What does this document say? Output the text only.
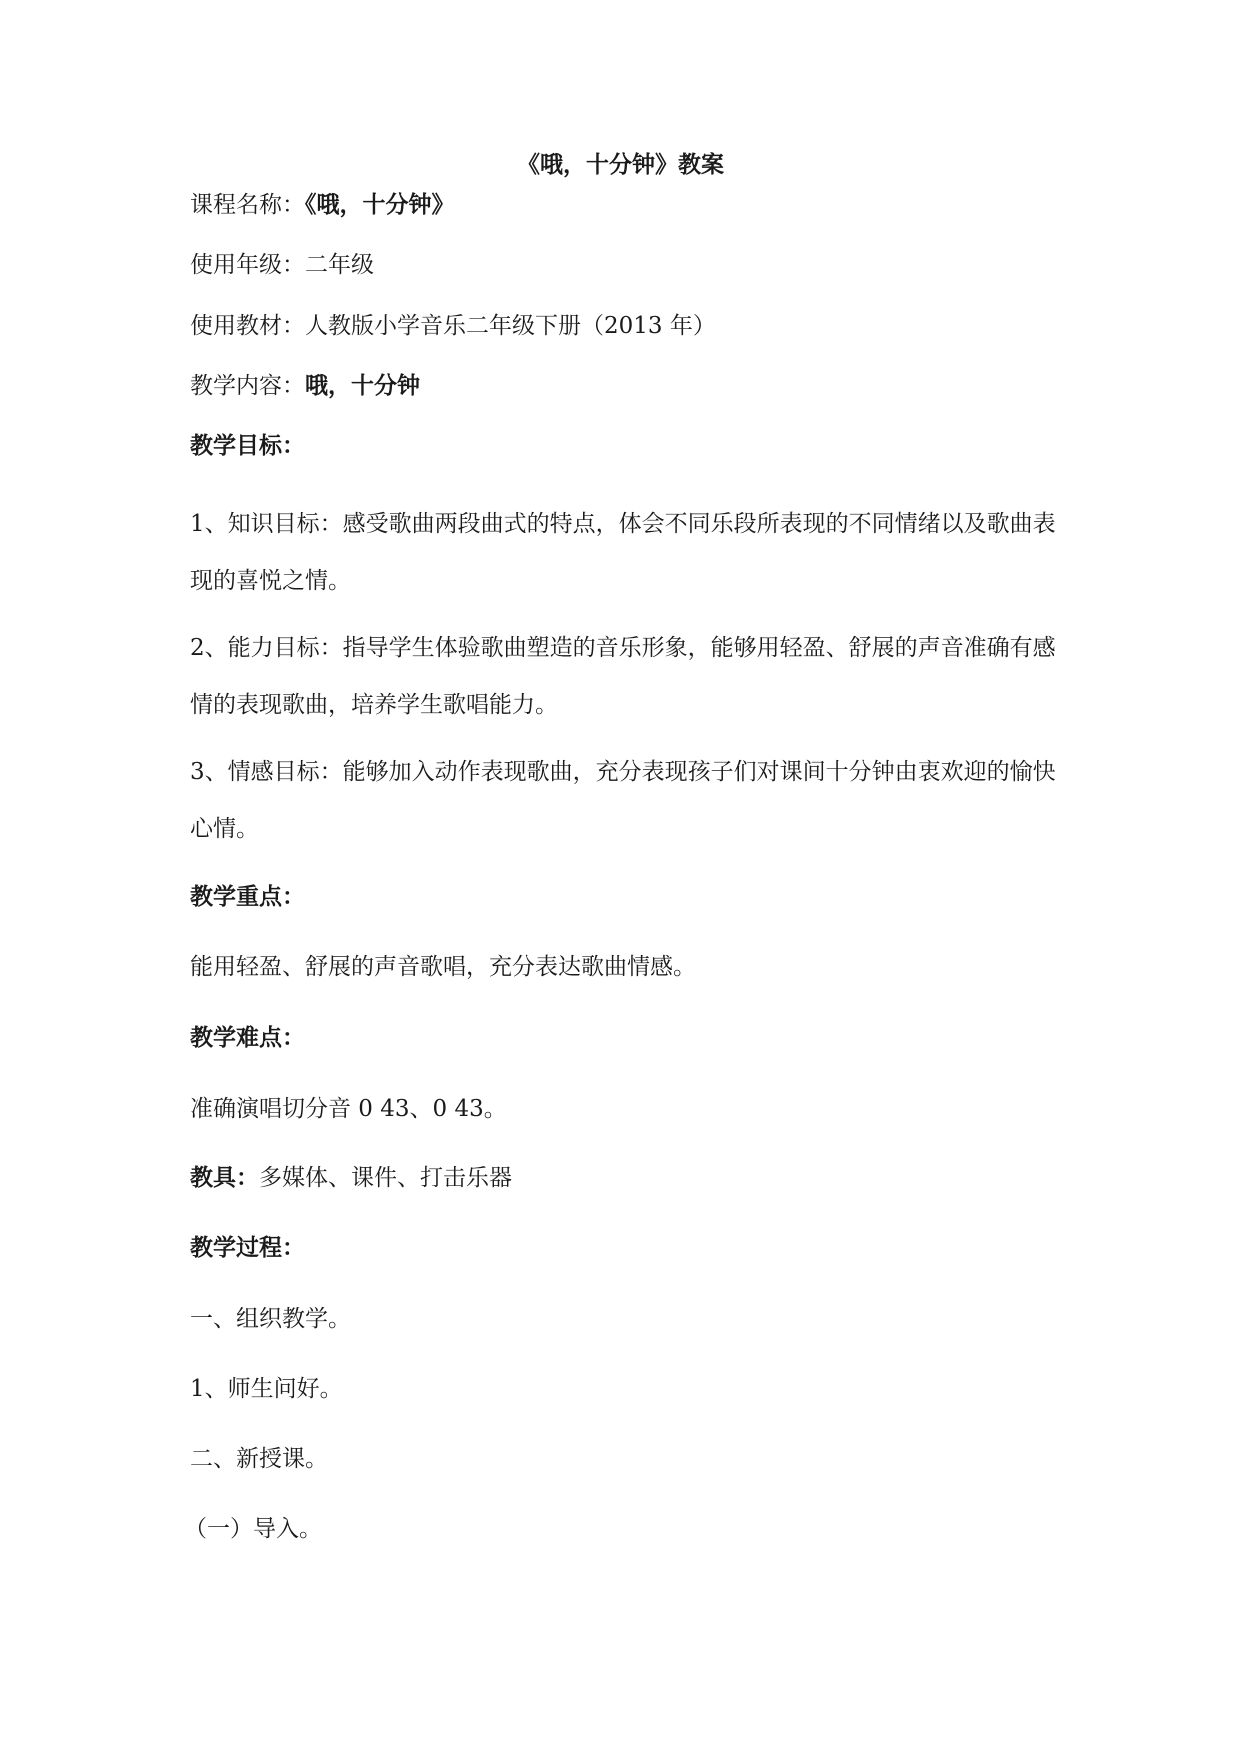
《哦，十分钟》教案
课程名称：《哦，十分钟》
使用年级：二年级
使用教材：人教版小学音乐二年级下册（2013 年）
教学内容：哦，十分钟
教学目标：
1、知识目标：感受歌曲两段曲式的特点，体会不同乐段所表现的不同情绪以及歌曲表现的喜悦之情。
2、能力目标：指导学生体验歌曲塑造的音乐形象，能够用轻盈、舒展的声音准确有感情的表现歌曲，培养学生歌唱能力。
3、情感目标：能够加入动作表现歌曲，充分表现孩子们对课间十分钟由衷欢迎的愉快心情。
教学重点：
能用轻盈、舒展的声音歌唱，充分表达歌曲情感。
教学难点：
准确演唱切分音 0 43、0 43。
教具：多媒体、课件、打击乐器
教学过程：
一、组织教学。
1、师生问好。
二、新授课。
（一）导入。
